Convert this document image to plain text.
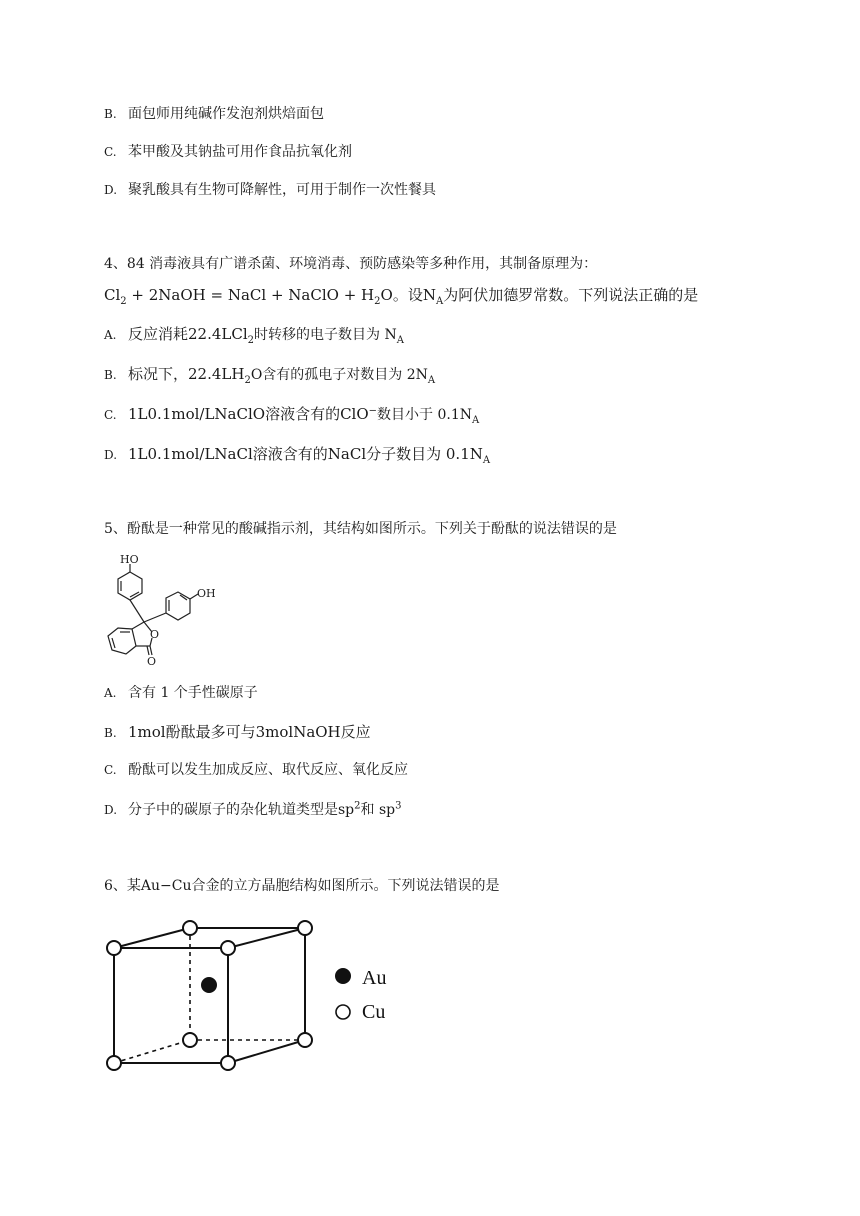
B. 面包师用纯碱作发泡剂烘焙面包
C. 苯甲酸及其钠盐可用作食品抗氧化剂
D. 聚乳酸具有生物可降解性，可用于制作一次性餐具
4、84 消毒液具有广谱杀菌、环境消毒、预防感染等多种作用，其制备原理为：
$Cl_2$ + 2NaOH = NaCl + NaClO + $H_2O$。设$N_A$为阿伏加德罗常数。下列说法正确的是
A. 反应消耗22.4LCl$_2$时转移的电子数目为 $N_A$
B. 标况下，$22.4LH_2O$含有的孤电子对数目为 $2N_A$
C. 1L0.1mol/LNaClO溶液含有的ClO−数目小于 $0.1N_A$
D. 1L0.1mol/LNaCl溶液含有的NaCl分子数目为 $0.1N_A$
5、酚酞是一种常见的酸碱指示剂，其结构如图所示。下列关于酚酞的说法错误的是
HO
OH
O
O
A. 含有 1 个手性碳原子
B. 1mol酚酞最多可与3molNaOH反应
C. 酚酞可以发生加成反应、取代反应、氧化反应
D. 分子中的碳原子的杂化轨道类型是$sp^2$和 $sp^3$
6、某Au−Cu合金的立方晶胞结构如图所示。下列说法错误的是
Au
Cu
